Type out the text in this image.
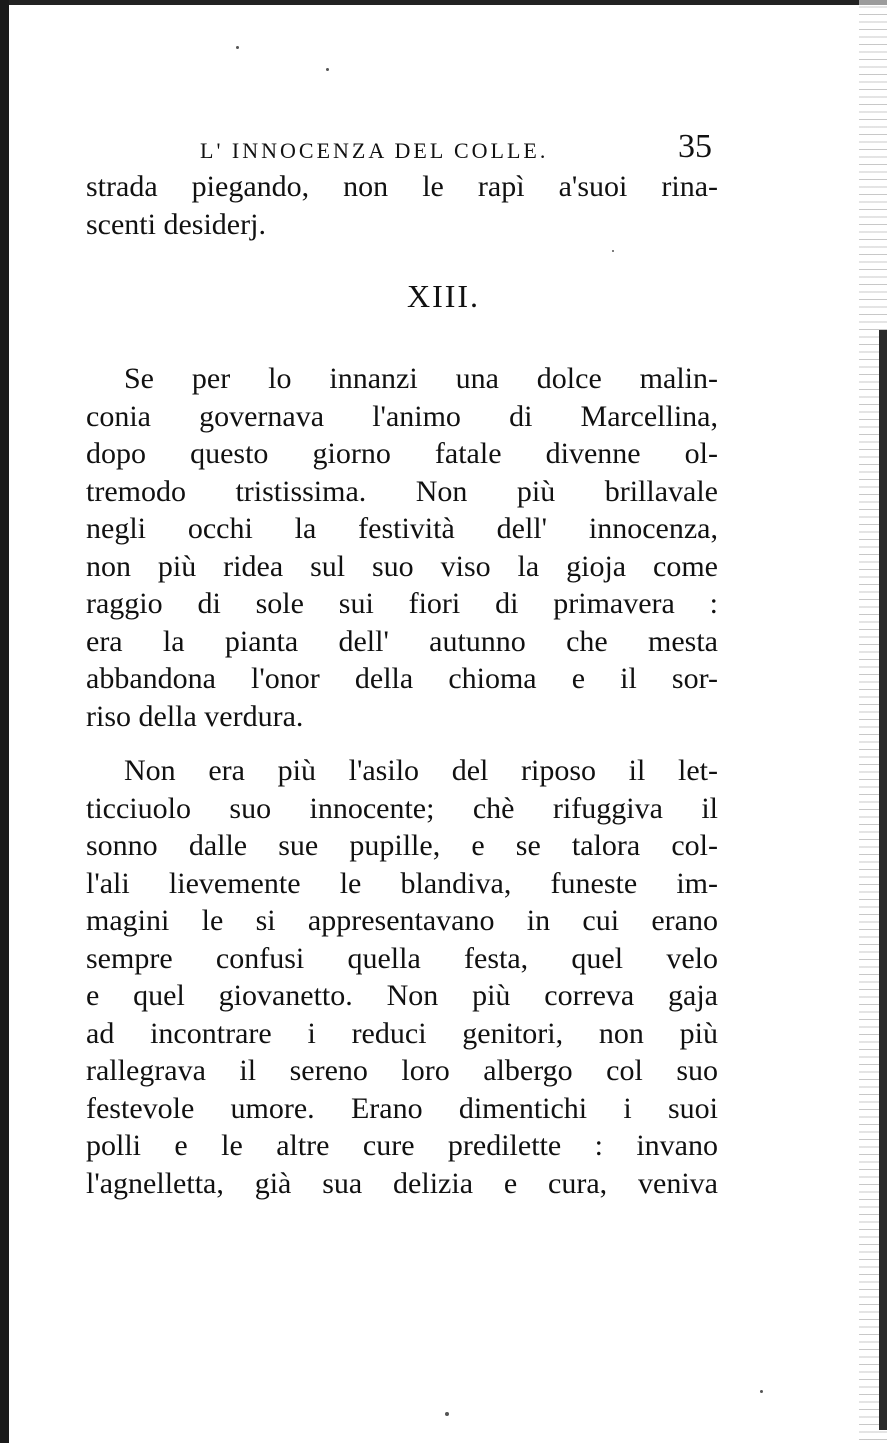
L' INNOCENZA DEL COLLE.	35
strada piegando, non le rapì a'suoi rina-
scenti desiderj.
XIII.
Se per lo innanzi una dolce malin-
conia governava l'animo di Marcellina,
dopo questo giorno fatale divenne ol-
tremodo tristissima. Non più brillavale
negli occhi la festività dell' innocenza,
non più ridea sul suo viso la gioja come
raggio di sole sui fiori di primavera :
era la pianta dell' autunno che mesta
abbandona l'onor della chioma e il sor-
riso della verdura.
Non era più l'asilo del riposo il let-
ticciuolo suo innocente; chè rifuggiva il
sonno dalle sue pupille, e se talora col-
l'ali lievemente le blandiva, funeste im-
magini le si appresentavano in cui erano
sempre confusi quella festa, quel velo
e quel giovanetto. Non più correva gaja
ad incontrare i reduci genitori, non più
rallegrava il sereno loro albergo col suo
festevole umore. Erano dimentichi i suoi
polli e le altre cure predilette : invano
l'agnelletta, già sua delizia e cura, veniva
